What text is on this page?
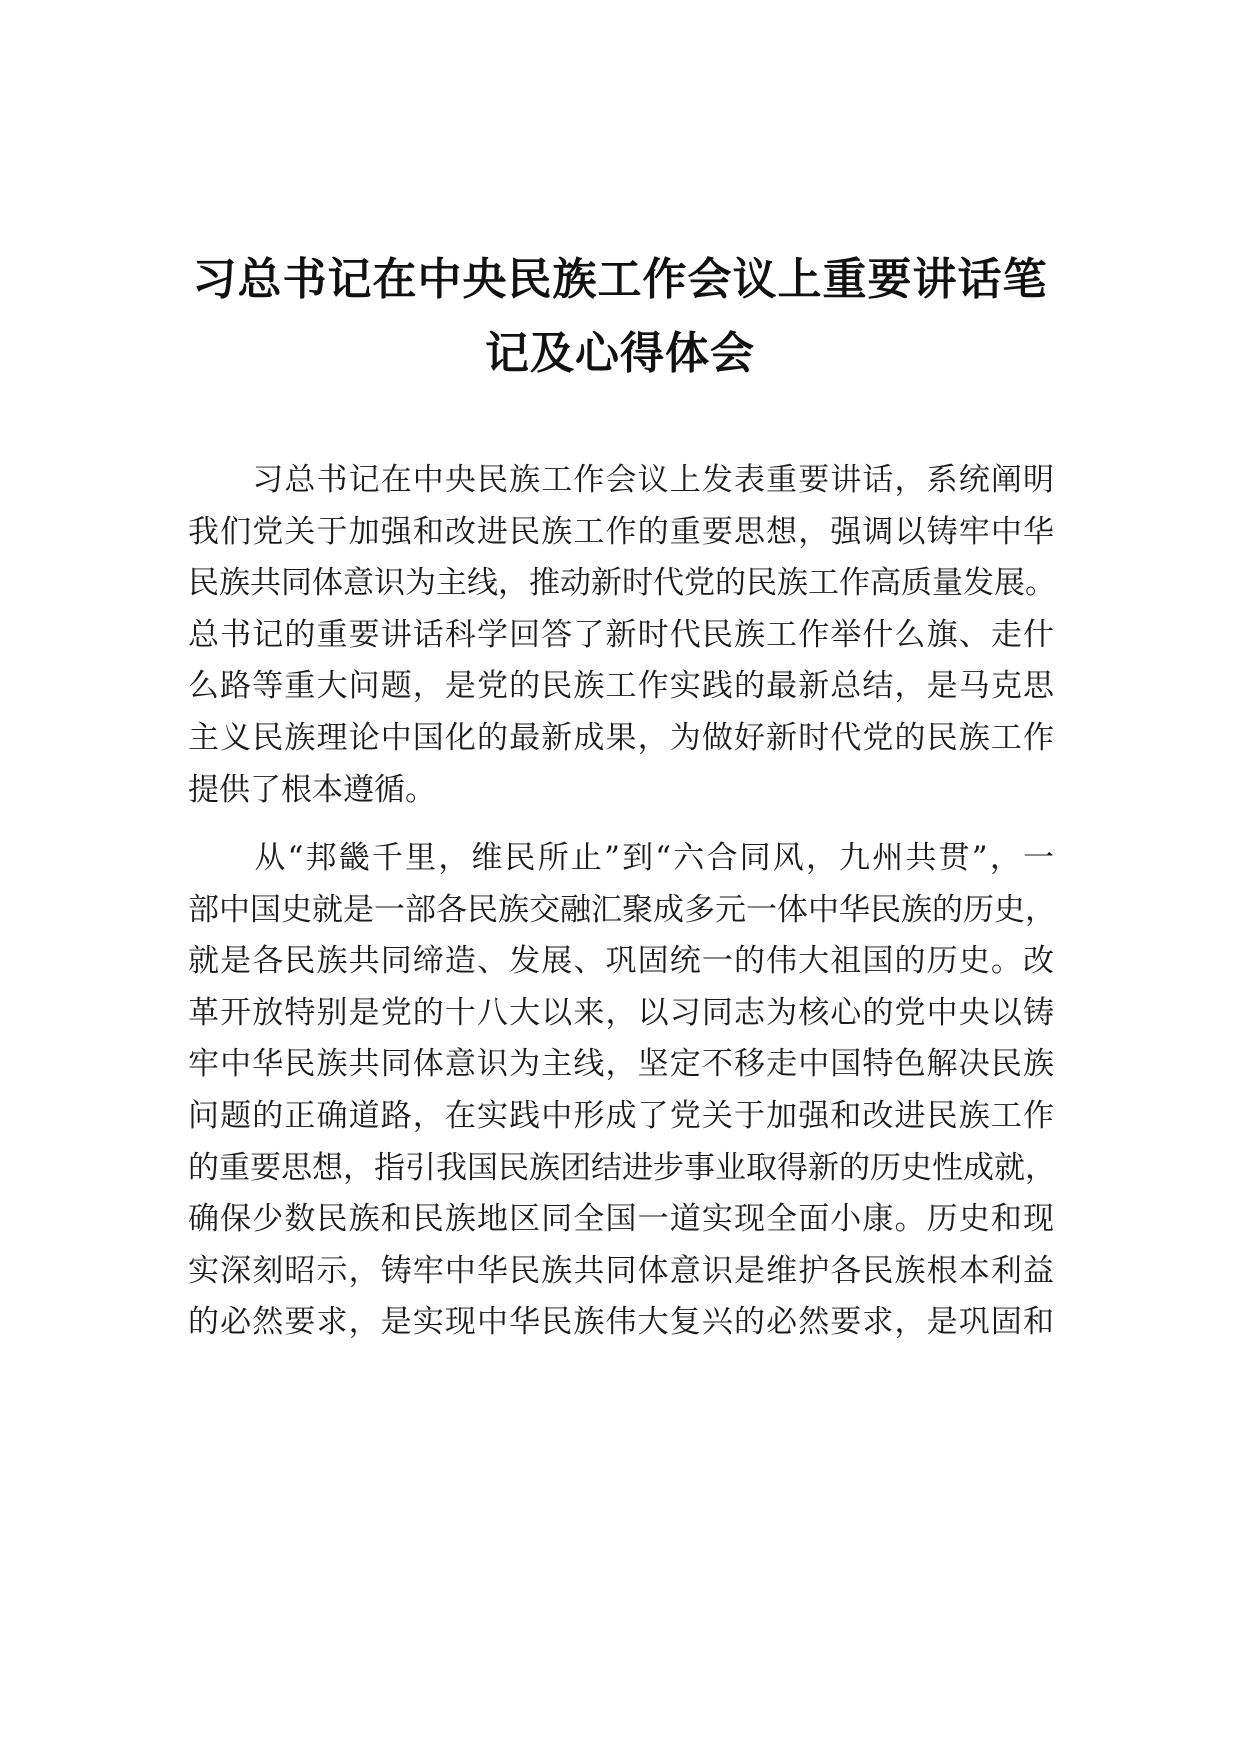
习总书记在中央民族工作会议上重要讲话笔
记及心得体会

　　习总书记在中央民族工作会议上发表重要讲话，系统阐明
我们党关于加强和改进民族工作的重要思想，强调以铸牢中华
民族共同体意识为主线，推动新时代党的民族工作高质量发展。
总书记的重要讲话科学回答了新时代民族工作举什么旗、走什
么路等重大问题，是党的民族工作实践的最新总结，是马克思
主义民族理论中国化的最新成果，为做好新时代党的民族工作
提供了根本遵循。

　　从“邦畿千里，维民所止”到“六合同风，九州共贯”，一
部中国史就是一部各民族交融汇聚成多元一体中华民族的历史，
就是各民族共同缔造、发展、巩固统一的伟大祖国的历史。改
革开放特别是党的十八大以来，以习同志为核心的党中央以铸
牢中华民族共同体意识为主线，坚定不移走中国特色解决民族
问题的正确道路，在实践中形成了党关于加强和改进民族工作
的重要思想，指引我国民族团结进步事业取得新的历史性成就，
确保少数民族和民族地区同全国一道实现全面小康。历史和现
实深刻昭示，铸牢中华民族共同体意识是维护各民族根本利益
的必然要求，是实现中华民族伟大复兴的必然要求，是巩固和
